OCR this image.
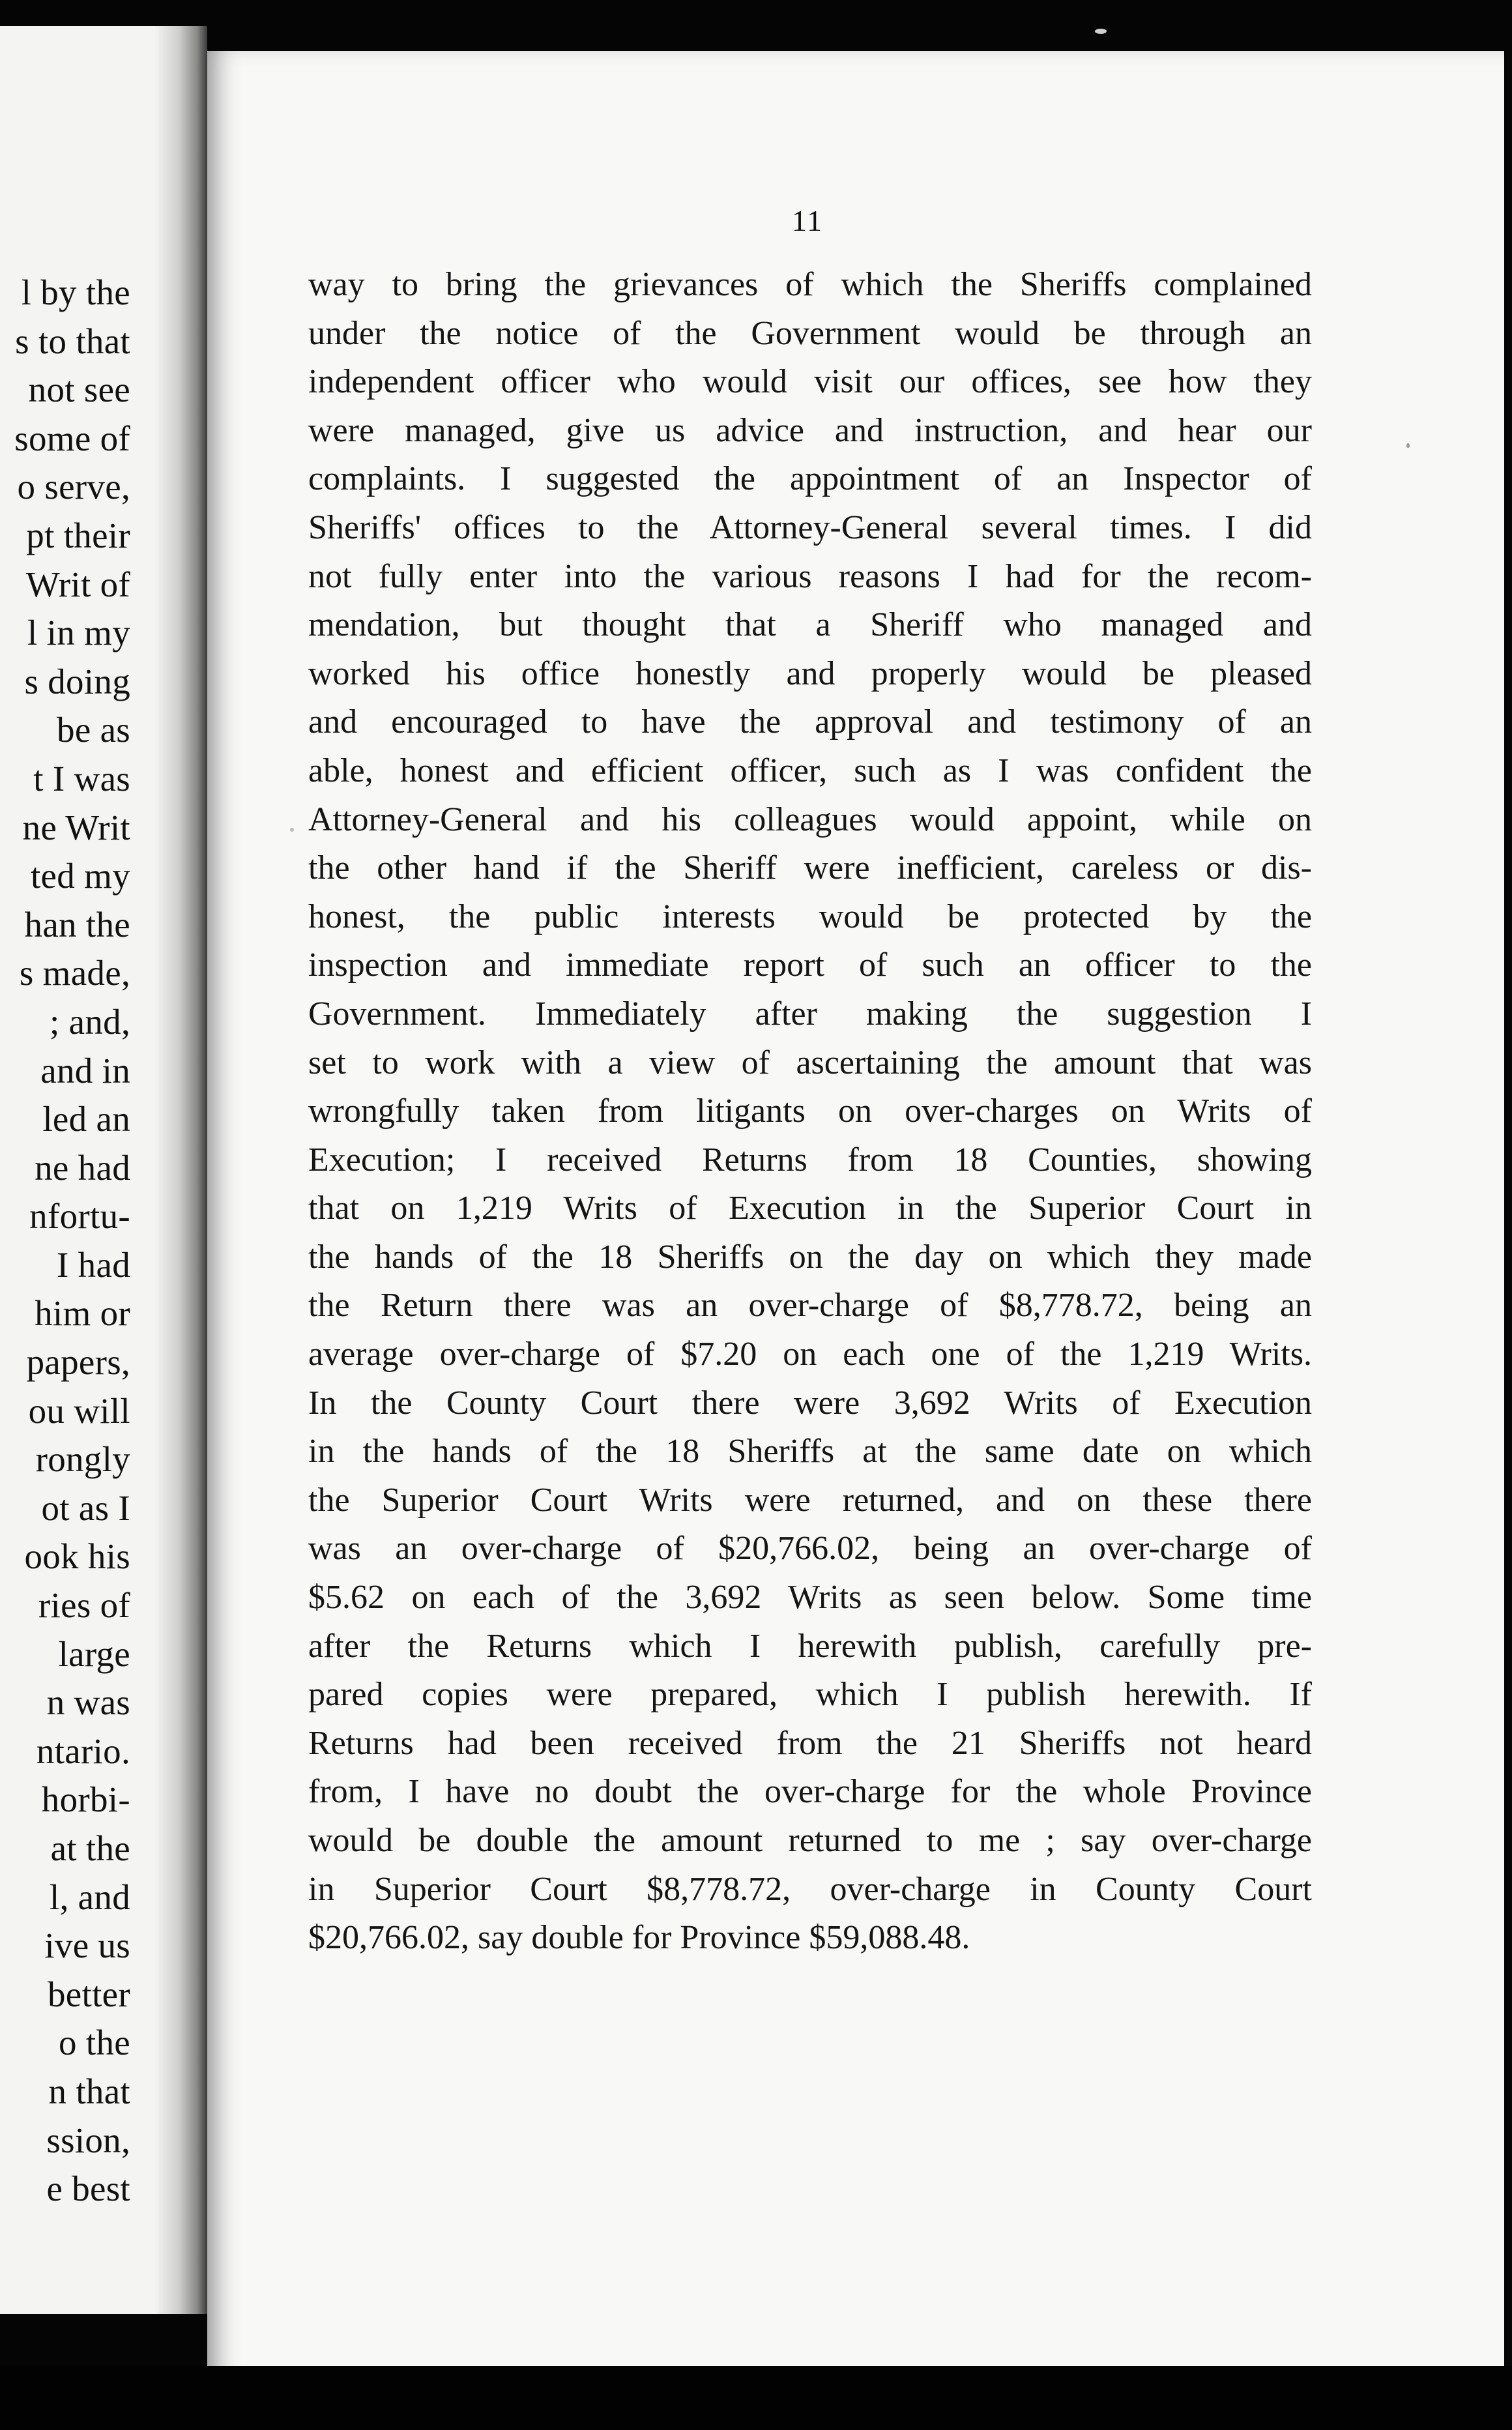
l by the
s to that
not see
some of
o serve,
pt their
Writ of
l in my
s doing
be as
t I was
ne Writ
ted my
han the
s made,
; and,
and in
led an
ne had
nfortu-
I had
him or
papers,
ou will
rongly
ot as I
ook his
ries of
large
n was
ntario.
horbi-
at the
l, and
ive us
better
o the
n that
ssion,
e best
11
way to bring the grievances of which the Sheriffs complained
under the notice of the Government would be through an
independent officer who would visit our offices, see how they
were managed, give us advice and instruction, and hear our
complaints. I suggested the appointment of an Inspector of
Sheriffs' offices to the Attorney-General several times. I did
not fully enter into the various reasons I had for the recom-
mendation, but thought that a Sheriff who managed and
worked his office honestly and properly would be pleased
and encouraged to have the approval and testimony of an
able, honest and efficient officer, such as I was confident the
Attorney-General and his colleagues would appoint, while on
the other hand if the Sheriff were inefficient, careless or dis-
honest, the public interests would be protected by the
inspection and immediate report of such an officer to the
Government. Immediately after making the suggestion I
set to work with a view of ascertaining the amount that was
wrongfully taken from litigants on over-charges on Writs of
Execution; I received Returns from 18 Counties, showing
that on 1,219 Writs of Execution in the Superior Court in
the hands of the 18 Sheriffs on the day on which they made
the Return there was an over-charge of $8,778.72, being an
average over-charge of $7.20 on each one of the 1,219 Writs.
In the County Court there were 3,692 Writs of Execution
in the hands of the 18 Sheriffs at the same date on which
the Superior Court Writs were returned, and on these there
was an over-charge of $20,766.02, being an over-charge of
$5.62 on each of the 3,692 Writs as seen below. Some time
after the Returns which I herewith publish, carefully pre-
pared copies were prepared, which I publish herewith. If
Returns had been received from the 21 Sheriffs not heard
from, I have no doubt the over-charge for the whole Province
would be double the amount returned to me ; say over-charge
in Superior Court $8,778.72, over-charge in County Court
$20,766.02, say double for Province $59,088.48.
